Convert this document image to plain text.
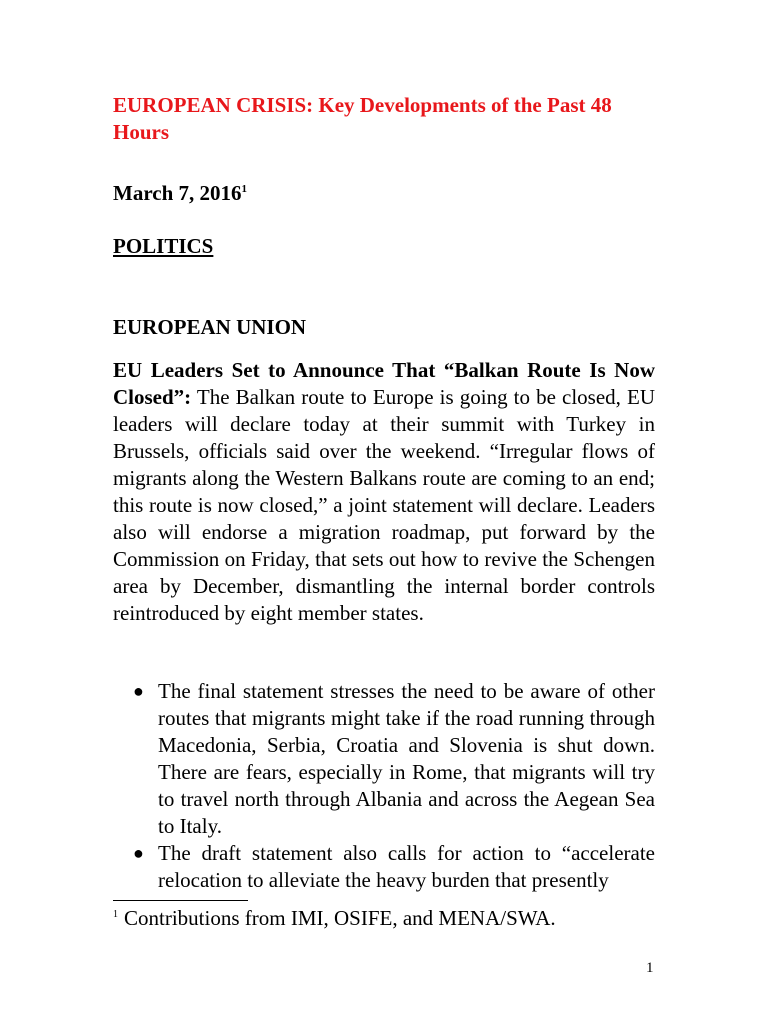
EUROPEAN CRISIS: Key Developments of the Past 48 Hours

March 7, 2016$^1$

POLITICS

EUROPEAN UNION

EU Leaders Set to Announce That “Balkan Route Is Now Closed”: The Balkan route to Europe is going to be closed, EU leaders will declare today at their summit with Turkey in Brussels, officials said over the weekend. “Irregular flows of migrants along the Western Balkans route are coming to an end; this route is now closed,” a joint statement will declare. Leaders also will endorse a migration roadmap, put forward by the Commission on Friday, that sets out how to revive the Schengen area by December, dismantling the internal border controls reintroduced by eight member states.

● The final statement stresses the need to be aware of other routes that migrants might take if the road running through Macedonia, Serbia, Croatia and Slovenia is shut down. There are fears, especially in Rome, that migrants will try to travel north through Albania and across the Aegean Sea to Italy.
● The draft statement also calls for action to “accelerate relocation to alleviate the heavy burden that presently
$^1$ Contributions from IMI, OSIFE, and MENA/SWA.
1
